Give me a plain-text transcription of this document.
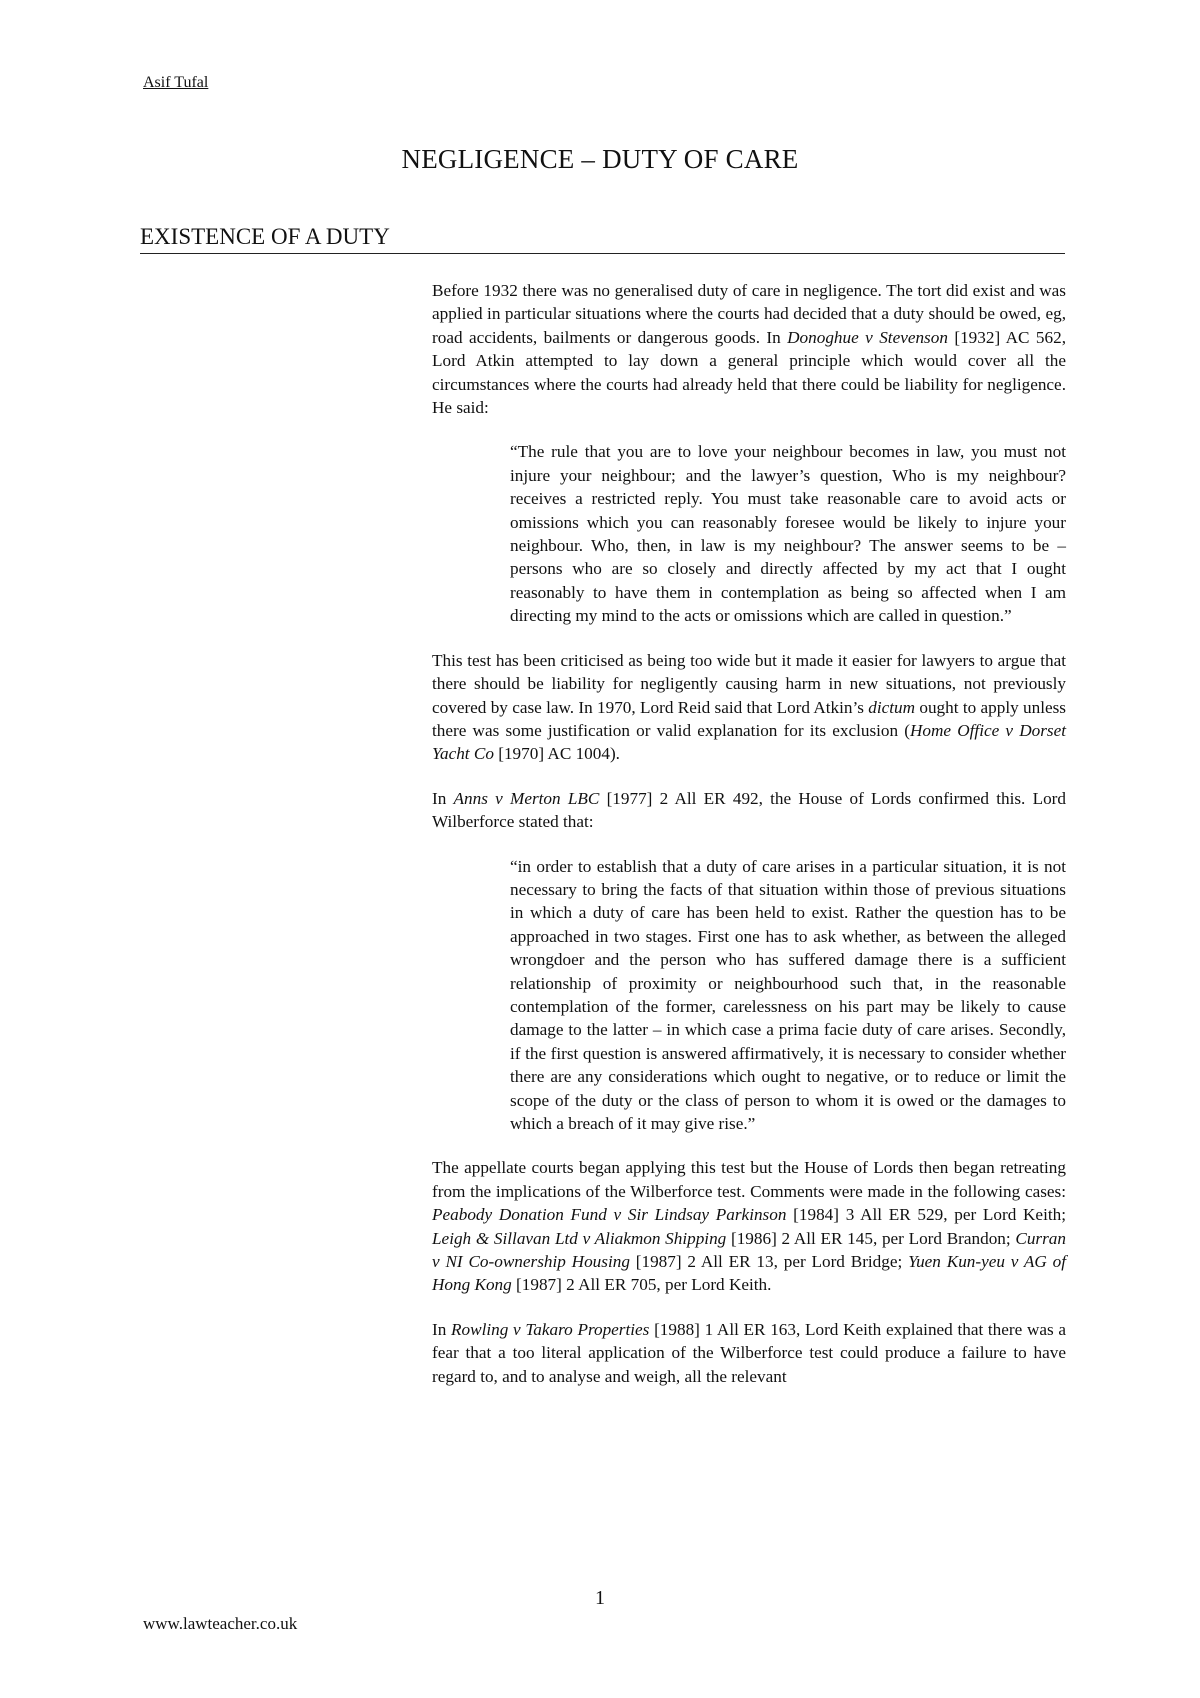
Asif Tufal
NEGLIGENCE – DUTY OF CARE
EXISTENCE OF A DUTY

Before 1932 there was no generalised duty of care in negligence. The tort did exist and was applied in particular situations where the courts had decided that a duty should be owed, eg, road accidents, bailments or dangerous goods. In Donoghue v Stevenson [1932] AC 562, Lord Atkin attempted to lay down a general principle which would cover all the circumstances where the courts had already held that there could be liability for negligence. He said:

“The rule that you are to love your neighbour becomes in law, you must not injure your neighbour; and the lawyer’s question, Who is my neighbour? receives a restricted reply. You must take reasonable care to avoid acts or omissions which you can reasonably foresee would be likely to injure your neighbour. Who, then, in law is my neighbour? The answer seems to be – persons who are so closely and directly affected by my act that I ought reasonably to have them in contemplation as being so affected when I am directing my mind to the acts or omissions which are called in question.”

This test has been criticised as being too wide but it made it easier for lawyers to argue that there should be liability for negligently causing harm in new situations, not previously covered by case law. In 1970, Lord Reid said that Lord Atkin’s dictum ought to apply unless there was some justification or valid explanation for its exclusion (Home Office v Dorset Yacht Co [1970] AC 1004).

In Anns v Merton LBC [1977] 2 All ER 492, the House of Lords confirmed this. Lord Wilberforce stated that:

“in order to establish that a duty of care arises in a particular situation, it is not necessary to bring the facts of that situation within those of previous situations in which a duty of care has been held to exist. Rather the question has to be approached in two stages. First one has to ask whether, as between the alleged wrongdoer and the person who has suffered damage there is a sufficient relationship of proximity or neighbourhood such that, in the reasonable contemplation of the former, carelessness on his part may be likely to cause damage to the latter – in which case a prima facie duty of care arises. Secondly, if the first question is answered affirmatively, it is necessary to consider whether there are any considerations which ought to negative, or to reduce or limit the scope of the duty or the class of person to whom it is owed or the damages to which a breach of it may give rise.”

The appellate courts began applying this test but the House of Lords then began retreating from the implications of the Wilberforce test. Comments were made in the following cases: Peabody Donation Fund v Sir Lindsay Parkinson [1984] 3 All ER 529, per Lord Keith; Leigh & Sillavan Ltd v Aliakmon Shipping [1986] 2 All ER 145, per Lord Brandon; Curran v NI Co-ownership Housing [1987] 2 All ER 13, per Lord Bridge; Yuen Kun-yeu v AG of Hong Kong [1987] 2 All ER 705, per Lord Keith.

In Rowling v Takaro Properties [1988] 1 All ER 163, Lord Keith explained that there was a fear that a too literal application of the Wilberforce test could produce a failure to have regard to, and to analyse and weigh, all the relevant

1
www.lawteacher.co.uk
